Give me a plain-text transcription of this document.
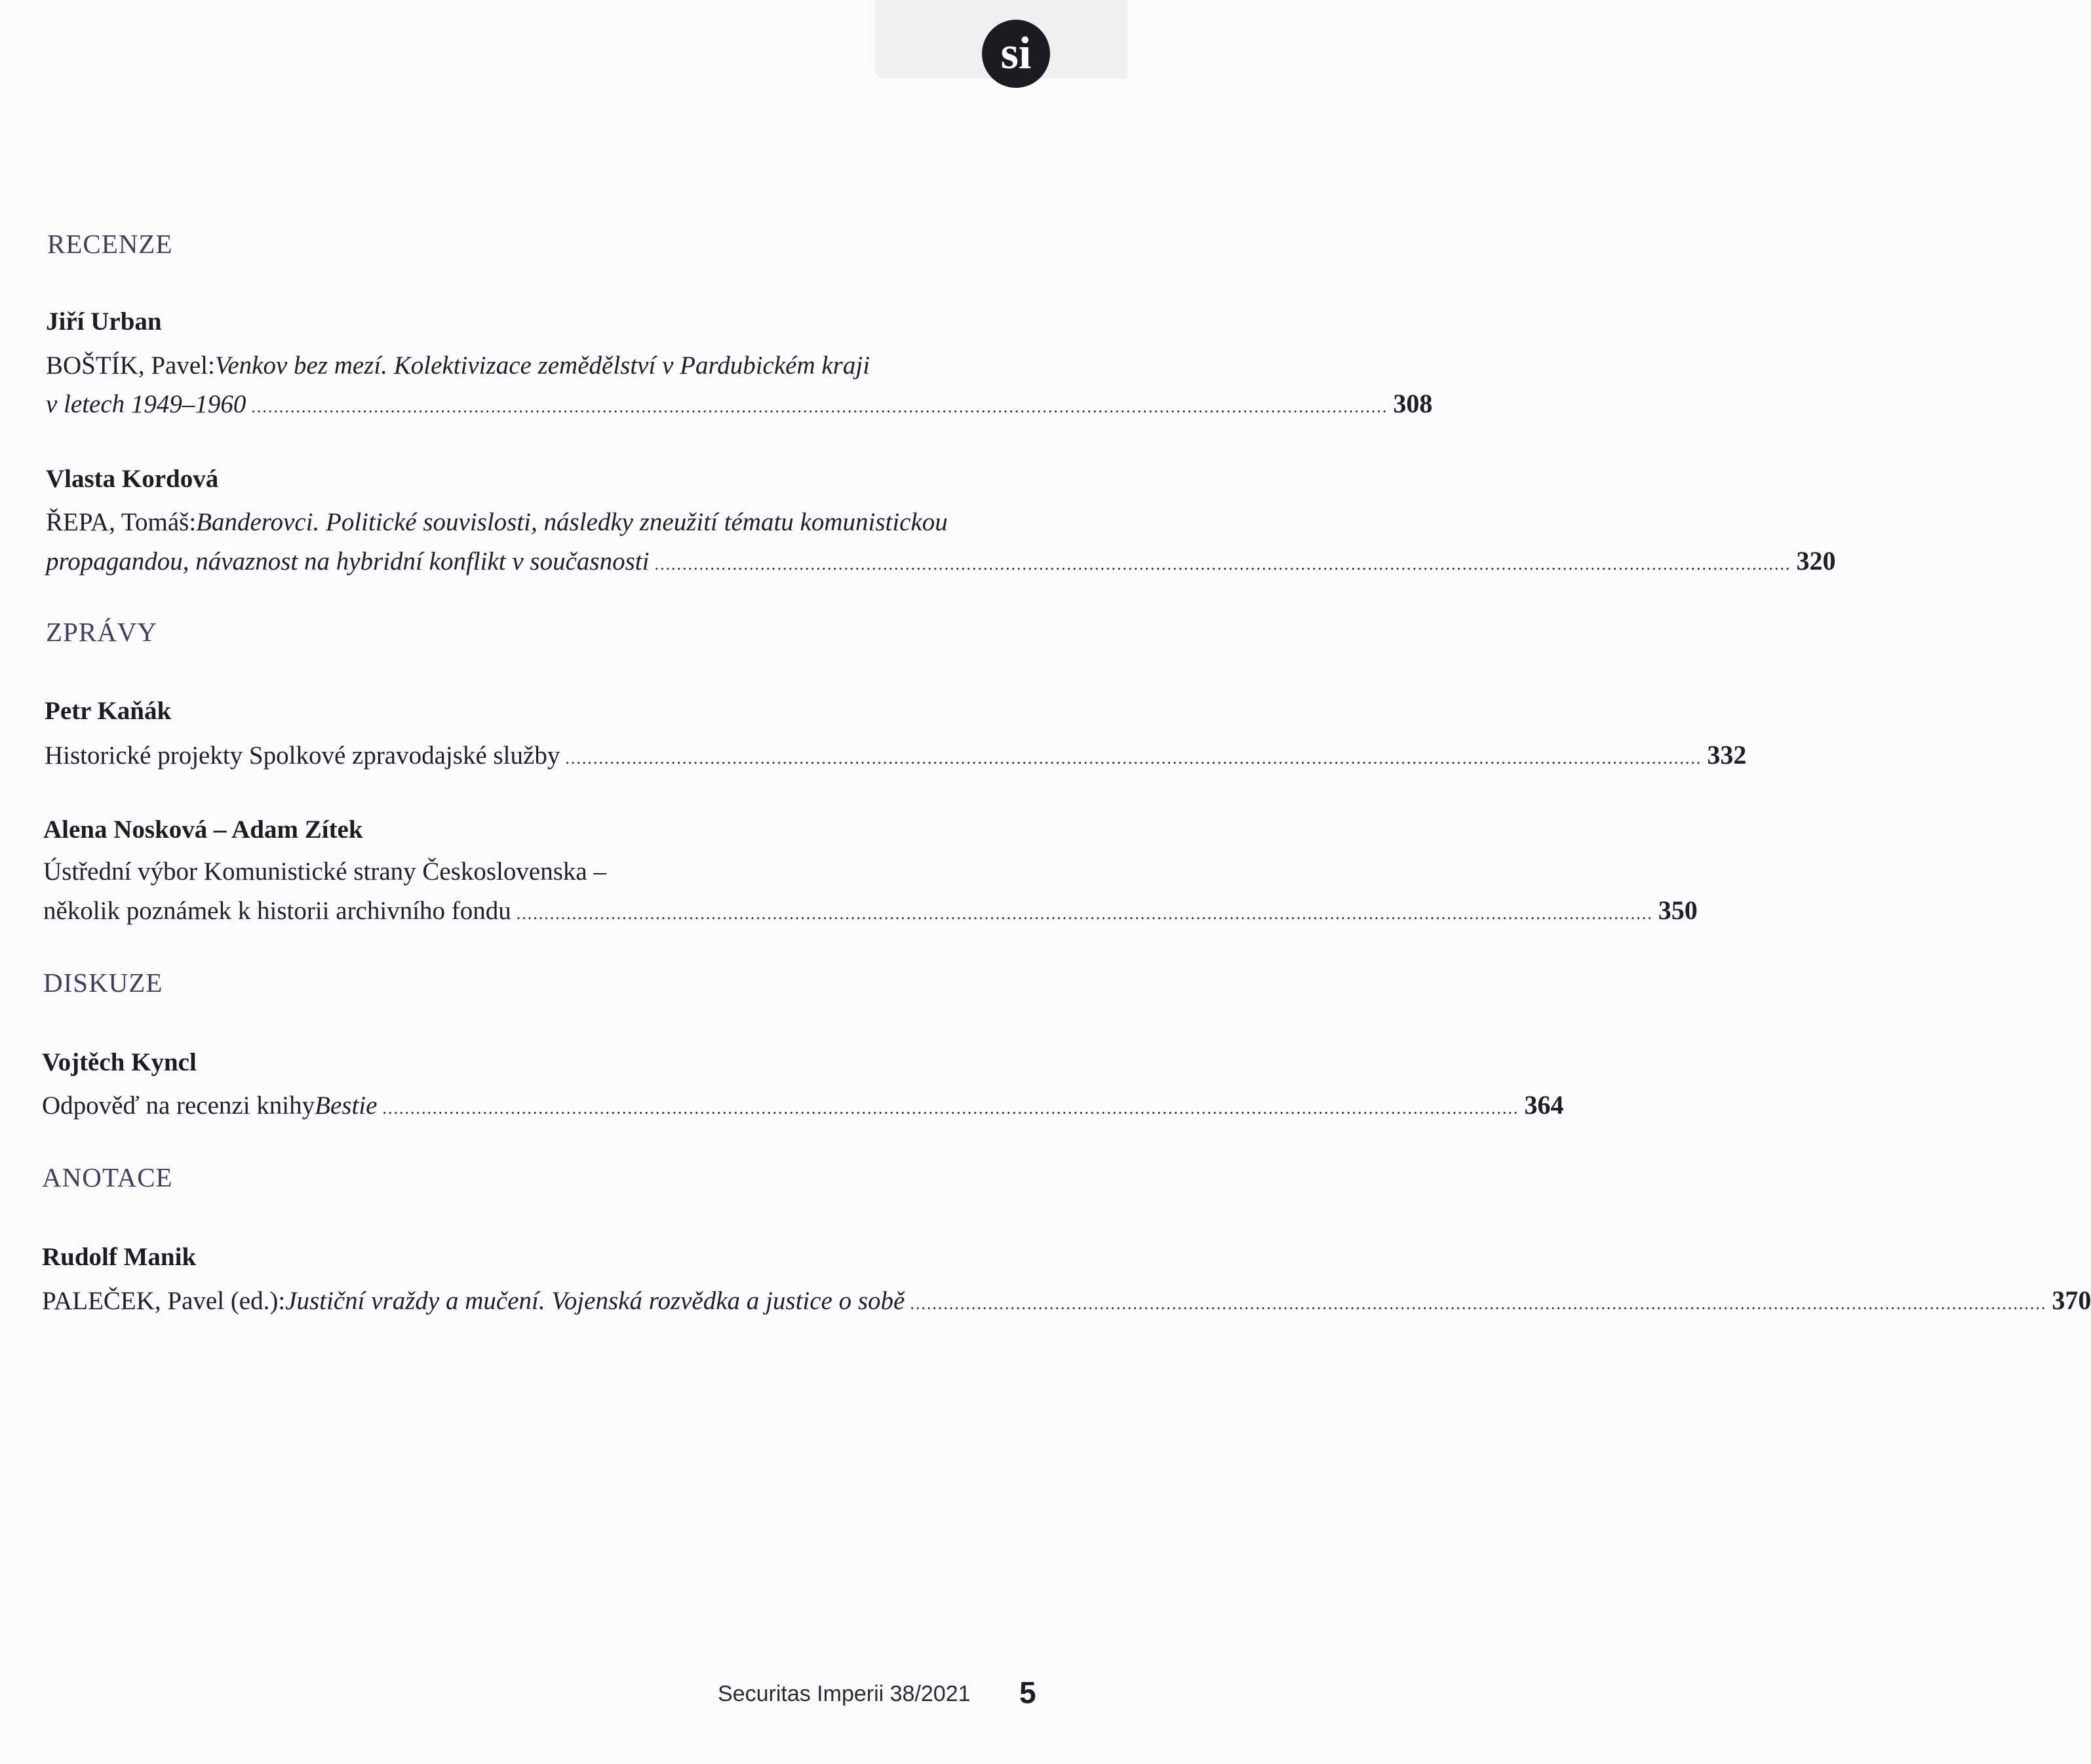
si
RECENZE
Jiří Urban
BOŠTÍK, Pavel: Venkov bez mezí. Kolektivizace zemědělství v Pardubickém kraji
v letech 1949–1960 ............................................................................................................................................................................................................ 308
Vlasta Kordová
ŘEPA, Tomáš: Banderovci. Politické souvislosti, následky zneužití tématu komunistickou
propagandou, návaznost na hybridní konflikt v současnosti ............................................................................................................................................................................................................ 320
ZPRÁVY
Petr Kaňák
Historické projekty Spolkové zpravodajské služby ............................................................................................................................................................................................................ 332
Alena Nosková – Adam Zítek
Ústřední výbor Komunistické strany Československa –
několik poznámek k historii archivního fondu ............................................................................................................................................................................................................ 350
DISKUZE
Vojtěch Kyncl
Odpověď na recenzi knihy Bestie ............................................................................................................................................................................................................ 364
ANOTACE
Rudolf Manik
PALEČEK, Pavel (ed.): Justiční vraždy a mučení. Vojenská rozvědka a justice o sobě ............................................................................................................................................................................................................ 370
Securitas Imperii 38/2021 5
